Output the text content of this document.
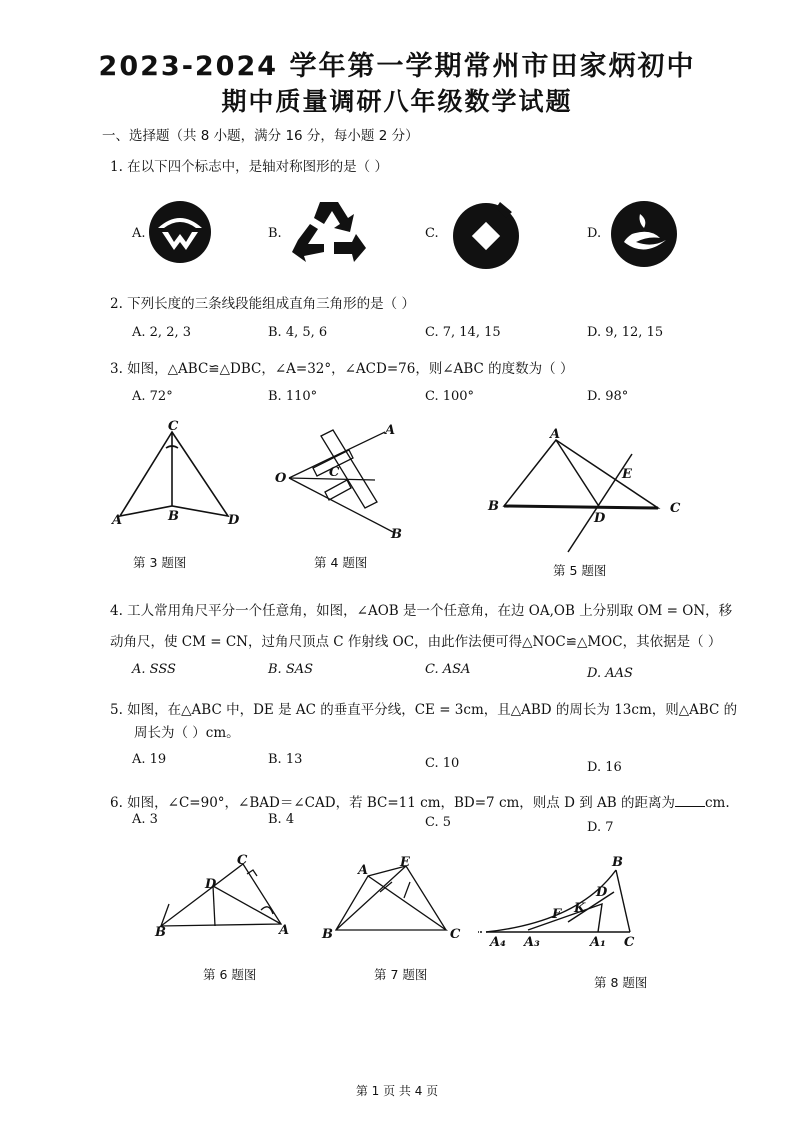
2023-2024 学年第一学期常州市田家炳初中
期中质量调研八年级数学试题
一、选择题（共 8 小题，满分 16 分，每小题 2 分）
1. 在以下四个标志中，是轴对称图形的是（ ）
A.	B.	C.	D.
2. 下列长度的三条线段能组成直角三角形的是（ ）
A. 2, 2, 3	B. 4, 5, 6	C. 7, 14, 15	D. 9, 12, 15
3. 如图，△ABC≌△DBC，∠A=32°，∠ACD=76，则∠ABC 的度数为（ ）
A. 72°	B. 110°	C. 100°	D. 98°
C
A	B	D
A
O	C
B
A
E
B
D
C
第 3 题图	第 4 题图
第 5 题图
4. 工人常用角尺平分一个任意角，如图，∠AOB 是一个任意角，在边 OA,OB 上分别取 OM = ON，移
动角尺，使 CM = CN，过角尺顶点 C 作射线 OC，由此作法便可得△NOC≌△MOC，其依据是（ ）
A. SSS	B. SAS	C. ASA	D. AAS
5. 如图，在△ABC 中，DE 是 AC 的垂直平分线，CE = 3cm，且△ABD 的周长为 13cm，则△ABC 的
周长为（ ）cm。
A. 19	B. 13	C. 10	D. 16
6. 如图，∠C=90°，∠BAD＝∠CAD，若 BC=11 cm，BD=7 cm，则点 D 到 AB 的距离为 cm.
A. 3	B. 4	C. 5	D. 7
C
D
B	A
A
E
B	C
B
D
F K
A₄ A₃	A₁ C
第 6 题图	第 7 题图
第 8 题图
第 1 页 共 4 页
